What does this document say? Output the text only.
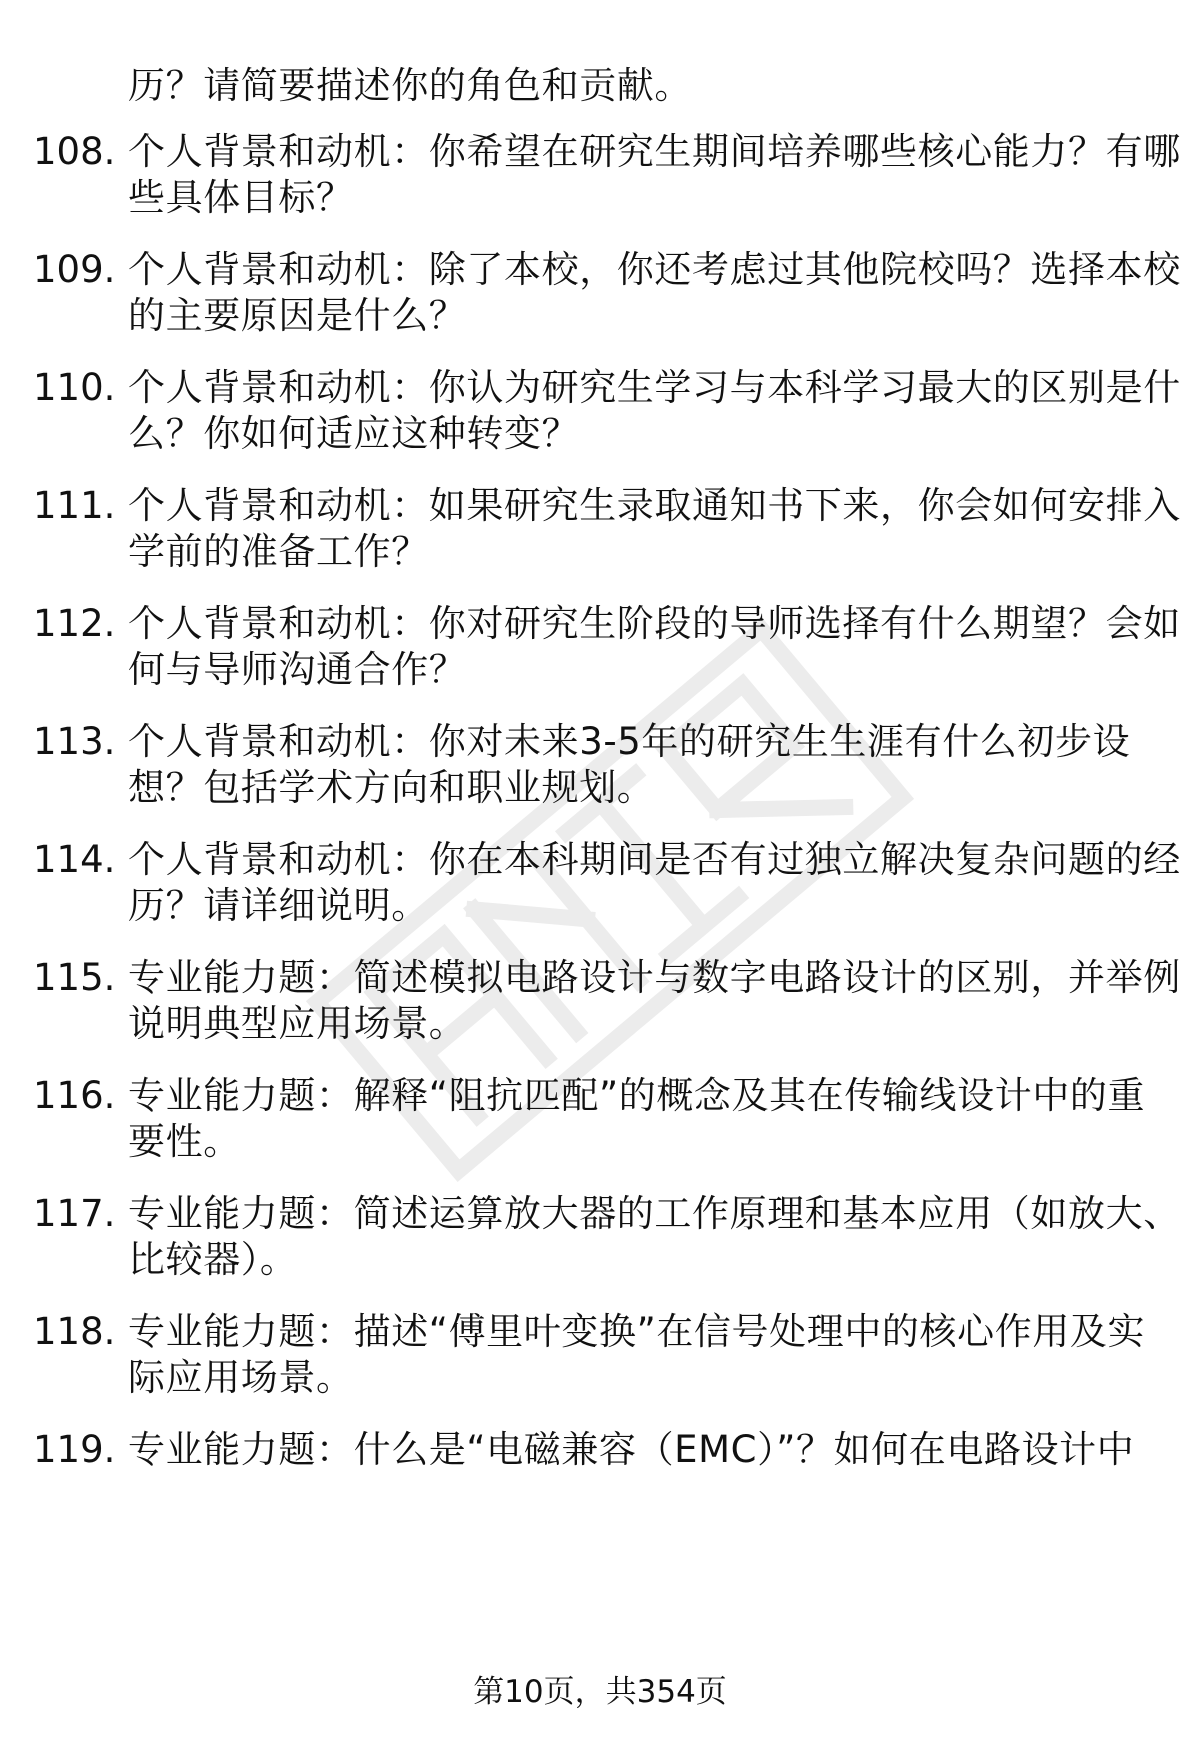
历？请简要描述你的角色和贡献。
108. 个人背景和动机：你希望在研究生期间培养哪些核心能力？有哪
些具体目标？
109. 个人背景和动机：除了本校，你还考虑过其他院校吗？选择本校
的主要原因是什么？
110. 个人背景和动机：你认为研究生学习与本科学习最大的区别是什
么？你如何适应这种转变？
111. 个人背景和动机：如果研究生录取通知书下来，你会如何安排入
学前的准备工作？
112. 个人背景和动机：你对研究生阶段的导师选择有什么期望？会如
何与导师沟通合作？
113. 个人背景和动机：你对未来3-5年的研究生生涯有什么初步设
想？包括学术方向和职业规划。
114. 个人背景和动机：你在本科期间是否有过独立解决复杂问题的经
历？请详细说明。
115. 专业能力题：简述模拟电路设计与数字电路设计的区别，并举例
说明典型应用场景。
116. 专业能力题：解释“阻抗匹配”的概念及其在传输线设计中的重
要性。
117. 专业能力题：简述运算放大器的工作原理和基本应用（如放大、
比较器）。
118. 专业能力题：描述“傅里叶变换”在信号处理中的核心作用及实
际应用场景。
119. 专业能力题：什么是“电磁兼容（EMC）”？如何在电路设计中
第10页，共354页
